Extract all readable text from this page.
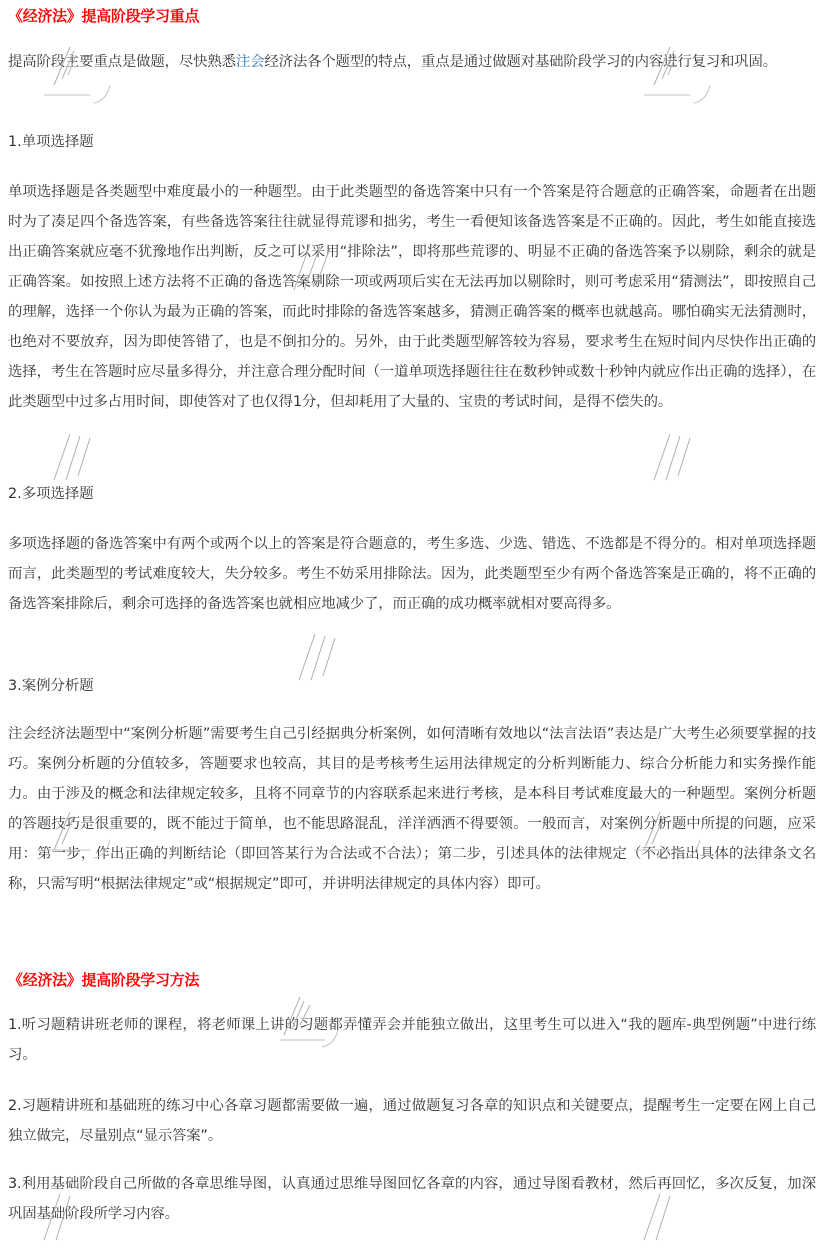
《经济法》提高阶段学习重点
提高阶段主要重点是做题，尽快熟悉注会经济法各个题型的特点，重点是通过做题对基础阶段学习的内容进行复习和巩固。
1.单项选择题
单项选择题是各类题型中难度最小的一种题型。由于此类题型的备选答案中只有一个答案是符合题意的正确答案，命题者在出题时为了凑足四个备选答案，有些备选答案往往就显得荒谬和拙劣，考生一看便知该备选答案是不正确的。因此，考生如能直接选出正确答案就应毫不犹豫地作出判断，反之可以采用“排除法”，即将那些荒谬的、明显不正确的备选答案予以剔除，剩余的就是正确答案。如按照上述方法将不正确的备选答案剔除一项或两项后实在无法再加以剔除时，则可考虑采用“猜测法”，即按照自己的理解，选择一个你认为最为正确的答案，而此时排除的备选答案越多，猜测正确答案的概率也就越高。哪怕确实无法猜测时，也绝对不要放弃，因为即使答错了，也是不倒扣分的。另外，由于此类题型解答较为容易，要求考生在短时间内尽快作出正确的选择，考生在答题时应尽量多得分，并注意合理分配时间（一道单项选择题往往在数秒钟或数十秒钟内就应作出正确的选择），在此类题型中过多占用时间，即使答对了也仅得1分，但却耗用了大量的、宝贵的考试时间，是得不偿失的。
2.多项选择题
多项选择题的备选答案中有两个或两个以上的答案是符合题意的，考生多选、少选、错选、不选都是不得分的。相对单项选择题而言，此类题型的考试难度较大，失分较多。考生不妨采用排除法。因为，此类题型至少有两个备选答案是正确的，将不正确的备选答案排除后，剩余可选择的备选答案也就相应地减少了，而正确的成功概率就相对要高得多。
3.案例分析题
注会经济法题型中“案例分析题”需要考生自己引经据典分析案例，如何清晰有效地以“法言法语”表达是广大考生必须要掌握的技巧。案例分析题的分值较多，答题要求也较高，其目的是考核考生运用法律规定的分析判断能力、综合分析能力和实务操作能力。由于涉及的概念和法律规定较多，且将不同章节的内容联系起来进行考核，是本科目考试难度最大的一种题型。案例分析题的答题技巧是很重要的，既不能过于简单，也不能思路混乱，洋洋洒洒不得要领。一般而言，对案例分析题中所提的问题，应采用：第一步，作出正确的判断结论（即回答某行为合法或不合法）；第二步，引述具体的法律规定（不必指出具体的法律条文名称，只需写明“根据法律规定”或“根据规定”即可，并讲明法律规定的具体内容）即可。
《经济法》提高阶段学习方法
1.听习题精讲班老师的课程，将老师课上讲的习题都弄懂弄会并能独立做出，这里考生可以进入“我的题库-典型例题”中进行练习。
2.习题精讲班和基础班的练习中心各章习题都需要做一遍，通过做题复习各章的知识点和关键要点，提醒考生一定要在网上自己独立做完，尽量别点“显示答案”。
3.利用基础阶段自己所做的各章思维导图，认真通过思维导图回忆各章的内容，通过导图看教材，然后再回忆，多次反复，加深巩固基础阶段所学习内容。
